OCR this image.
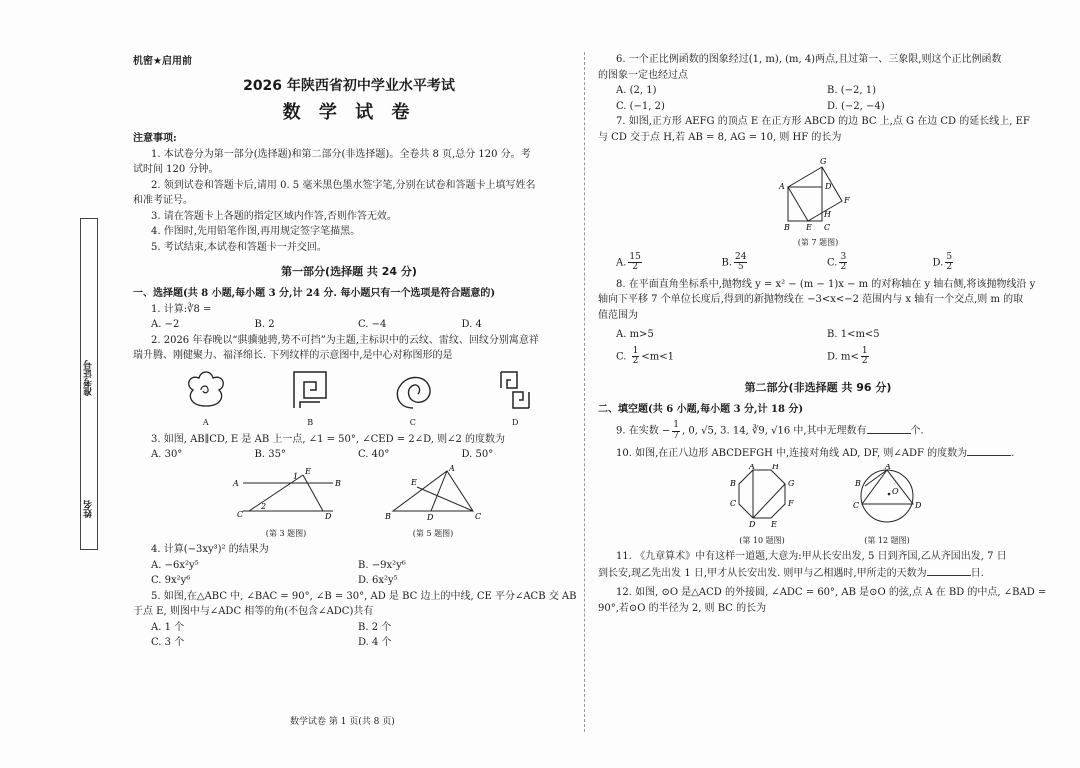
准考证号
姓名

机密★启用前

2026 年陕西省初中学业水平考试

数 学 试 卷

注意事项:

1. 本试卷分为第一部分(选择题)和第二部分(非选择题)。全卷共 8 页,总分 120 分。考

试时间 120 分钟。

2. 领到试卷和答题卡后,请用 0. 5 毫米黑色墨水签字笔,分别在试卷和答题卡上填写姓名

和准考证号。

3. 请在答题卡上各题的指定区域内作答,否则作答无效。

4. 作图时,先用铅笔作图,再用规定签字笔描黑。

5. 考试结束,本试卷和答题卡一并交回。

第一部分(选择题 共 24 分)

一、选择题(共 8 小题,每小题 3 分,计 24 分. 每小题只有一个选项是符合题意的)

1. 计算:∛8 =

A. −2	B. 2	C. −4	D. 4

2. 2026 年春晚以“骐骥驰骋,势不可挡”为主题,主标识中的云纹、雷纹、回纹分别寓意祥

瑞升腾、刚健聚力、福泽绵长. 下列纹样的示意图中,是中心对称图形的是

A	B	C	D

3. 如图, AB∥CD, E 是 AB 上一点, ∠1 = 50°, ∠CED = 2∠D, 则∠2 的度数为

A. 30°	B. 35°	C. 40°	D. 50°
A	B
C	D
E
1
2
(第 3 题图)
A
B	C
D
E
(第 5 题图)

4. 计算(−3xy³)² 的结果为

A. −6x²y⁵	B. −9x²y⁶
C. 9x²y⁶	D. 6x²y⁵

5. 如图,在△ABC 中, ∠BAC = 90°, ∠B = 30°, AD 是 BC 边上的中线, CE 平分∠ACB 交 AB

于点 E, 则图中与∠ADC 相等的角(不包含∠ADC)共有

A. 1 个	B. 2 个
C. 3 个	D. 4 个
数学试卷 第 1 页(共 8 页)

6. 一个正比例函数的图象经过(1, m), (m, 4)两点,且过第一、三象限,则这个正比例函数

的图象一定也经过点

A. (2, 1)	B. (−2, 1)
C. (−1, 2)	D. (−2, −4)

7. 如图,正方形 AEFG 的顶点 E 在正方形 ABCD 的边 BC 上,点 G 在边 CD 的延长线上, EF

与 CD 交于点 H,若 AB = 8, AG = 10, 则 HF 的长为

A
B	C
D
E
F
G
H
(第 7 题图)
A. $\frac{15}{2}$	B. $\frac{24}{5}$	C. $\frac{3}{2}$	D. $\frac{5}{2}$

8. 在平面直角坐标系中,抛物线 y = x² − (m − 1)x − m 的对称轴在 y 轴右侧,将该抛物线沿 y

轴向下平移 7 个单位长度后,得到的新抛物线在 −3<x<−2 范围内与 x 轴有一个交点,则 m 的取

值范围为

A. m>5	B. 1<m<5
C. $\frac{1}{2} <m<1$	D. $m< \frac{1}{2}$

第二部分(非选择题 共 96 分)

二、填空题(共 6 小题,每小题 3 分,计 18 分)

9. 在实数 − $\frac{1}{7}$ , 0, √5, 3. 14, ∛9, √16 中,其中无理数有	个.

10. 如图,在正八边形 ABCDEFGH 中,连接对角线 AD, DF, 则∠ADF 的度数为	.

A
B
C
D E
F
G
H
(第 10 题图)
A
B
C	D
O
(第 12 题图)

11. 《九章算术》中有这样一道题,大意为:甲从长安出发, 5 日到齐国,乙从齐国出发, 7 日

到长安,现乙先出发 1 日,甲才从长安出发. 则甲与乙相遇时,甲所走的天数为	日.

12. 如图, ⊙O 是△ACD 的外接圆, ∠ADC = 60°, AB 是⊙O 的弦,点 A 在 BD 的中点, ∠BAD =

90°,若⊙O 的半径为 2, 则 BC 的长为
